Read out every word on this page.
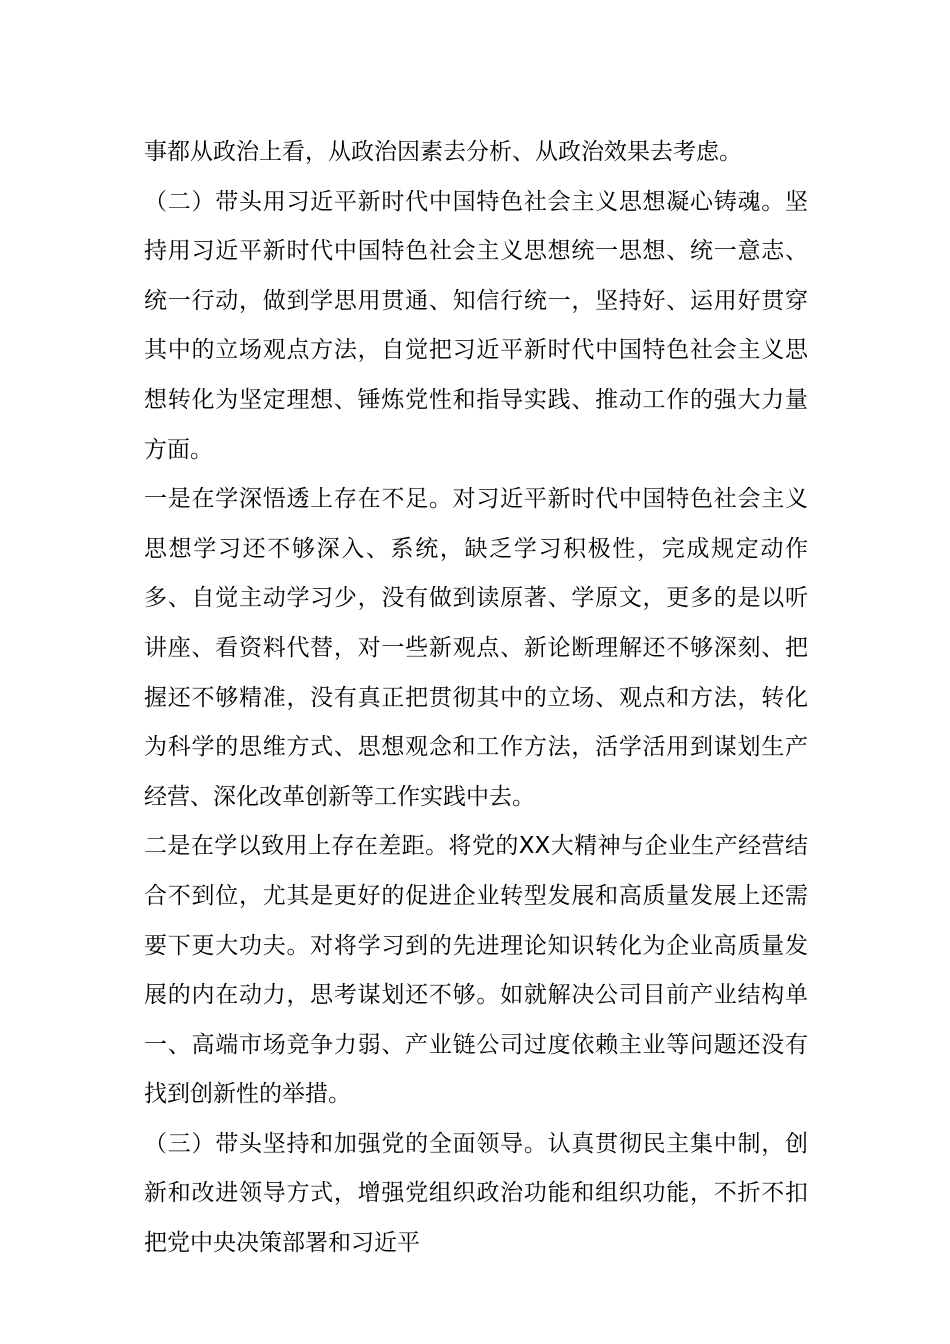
事都从政治上看，从政治因素去分析、从政治效果去考虑。

（二）带头用习近平新时代中国特色社会主义思想凝心铸魂。坚持用习近平新时代中国特色社会主义思想统一思想、统一意志、统一行动，做到学思用贯通、知信行统一，坚持好、运用好贯穿其中的立场观点方法，自觉把习近平新时代中国特色社会主义思想转化为坚定理想、锤炼党性和指导实践、推动工作的强大力量方面。

一是在学深悟透上存在不足。对习近平新时代中国特色社会主义思想学习还不够深入、系统，缺乏学习积极性，完成规定动作多、自觉主动学习少，没有做到读原著、学原文，更多的是以听讲座、看资料代替，对一些新观点、新论断理解还不够深刻、把握还不够精准，没有真正把贯彻其中的立场、观点和方法，转化为科学的思维方式、思想观念和工作方法，活学活用到谋划生产经营、深化改革创新等工作实践中去。

二是在学以致用上存在差距。将党的XX大精神与企业生产经营结合不到位，尤其是更好的促进企业转型发展和高质量发展上还需要下更大功夫。对将学习到的先进理论知识转化为企业高质量发展的内在动力，思考谋划还不够。如就解决公司目前产业结构单一、高端市场竞争力弱、产业链公司过度依赖主业等问题还没有找到创新性的举措。

（三）带头坚持和加强党的全面领导。认真贯彻民主集中制，创新和改进领导方式，增强党组织政治功能和组织功能，不折不扣把党中央决策部署和习近平
